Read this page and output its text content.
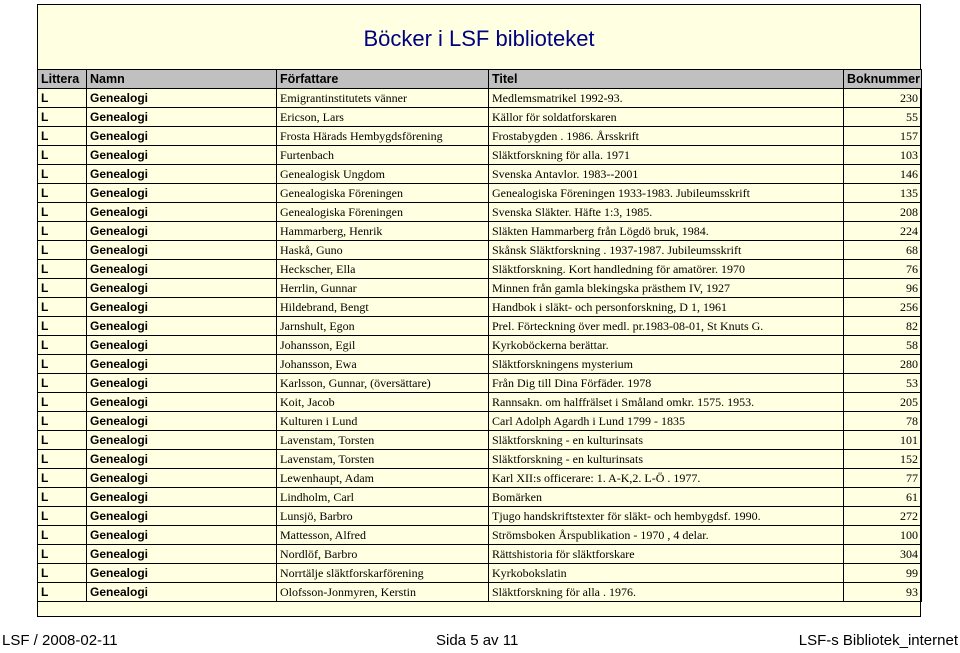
Böcker i LSF biblioteket
Littera	Namn	Författare	Titel	Boknummer
L	Genealogi	Emigrantinstitutets vänner	Medlemsmatrikel 1992-93.	230
L	Genealogi	Ericson, Lars	Källor för soldatforskaren	55
L	Genealogi	Frosta Härads Hembygdsförening	Frostabygden . 1986. Årsskrift	157
L	Genealogi	Furtenbach	Släktforskning för alla. 1971	103
L	Genealogi	Genealogisk Ungdom	Svenska Antavlor. 1983--2001	146
L	Genealogi	Genealogiska Föreningen	Genealogiska Föreningen 1933-1983. Jubileumsskrift	135
L	Genealogi	Genealogiska Föreningen	Svenska Släkter. Häfte 1:3, 1985.	208
L	Genealogi	Hammarberg, Henrik	Släkten Hammarberg från Lögdö bruk, 1984.	224
L	Genealogi	Haskå, Guno	Skånsk Släktforskning . 1937-1987. Jubileumsskrift	68
L	Genealogi	Heckscher, Ella	Släktforskning. Kort handledning för amatörer. 1970	76
L	Genealogi	Herrlin, Gunnar	Minnen från gamla blekingska prästhem IV, 1927	96
L	Genealogi	Hildebrand, Bengt	Handbok i släkt- och personforskning, D 1, 1961	256
L	Genealogi	Jarnshult, Egon	Prel. Förteckning över medl. pr.1983-08-01, St Knuts G.	82
L	Genealogi	Johansson, Egil	Kyrkoböckerna berättar.	58
L	Genealogi	Johansson, Ewa	Släktforskningens mysterium	280
L	Genealogi	Karlsson, Gunnar, (översättare)	Från Dig till Dina Förfäder. 1978	53
L	Genealogi	Koit, Jacob	Rannsakn. om halffrälset i Småland omkr. 1575. 1953.	205
L	Genealogi	Kulturen i Lund	Carl Adolph Agardh i Lund 1799 - 1835	78
L	Genealogi	Lavenstam, Torsten	Släktforskning - en kulturinsats	101
L	Genealogi	Lavenstam, Torsten	Släktforskning - en kulturinsats	152
L	Genealogi	Lewenhaupt, Adam	Karl XII:s officerare: 1. A-K,2. L-Ö . 1977.	77
L	Genealogi	Lindholm, Carl	Bomärken	61
L	Genealogi	Lunsjö, Barbro	Tjugo handskriftstexter för släkt- och hembygdsf. 1990.	272
L	Genealogi	Mattesson, Alfred	Strömsboken Årspublikation - 1970 , 4 delar.	100
L	Genealogi	Nordlöf, Barbro	Rättshistoria för släktforskare	304
L	Genealogi	Norrtälje släktforskarförening	Kyrkobokslatin	99
L	Genealogi	Olofsson-Jonmyren, Kerstin	Släktforskning för alla . 1976.	93
LSF / 2008-02-11	Sida 5 av 11	LSF-s Bibliotek_internet
